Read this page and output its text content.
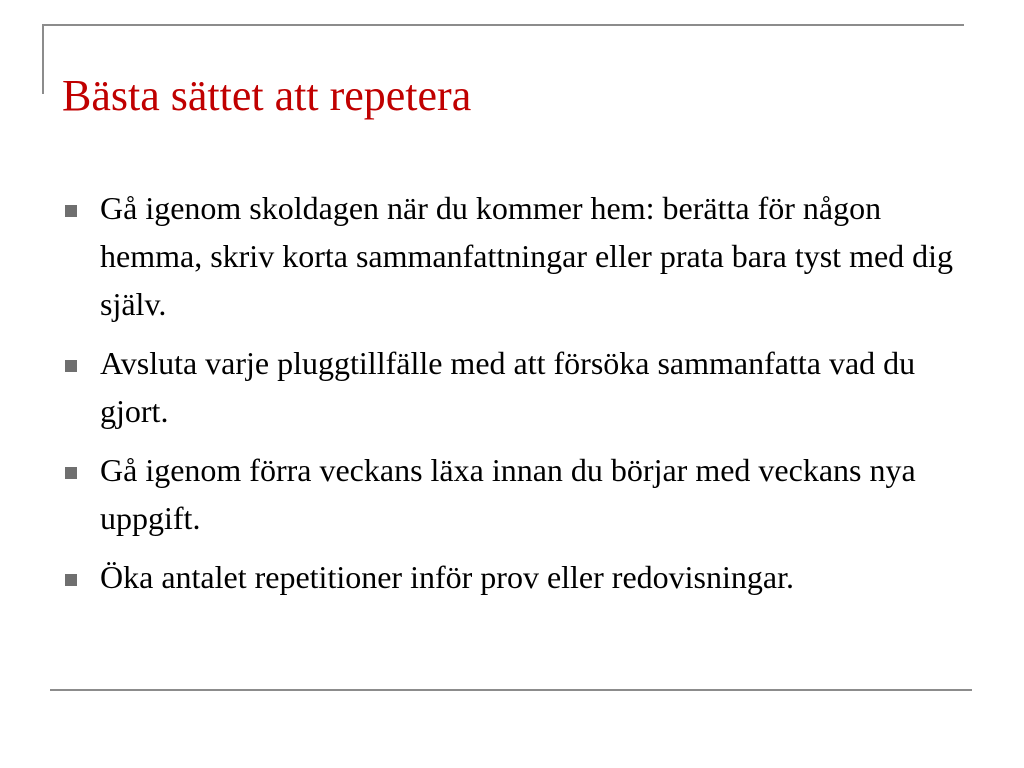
Bästa sättet att repetera
Gå igenom skoldagen när du kommer hem: berätta för någon hemma, skriv korta sammanfattningar eller prata bara tyst med dig själv.
Avsluta varje pluggtillfälle med att försöka sammanfatta vad du gjort.
Gå igenom förra veckans läxa innan du börjar med veckans nya uppgift.
Öka antalet repetitioner inför prov eller redovisningar.
